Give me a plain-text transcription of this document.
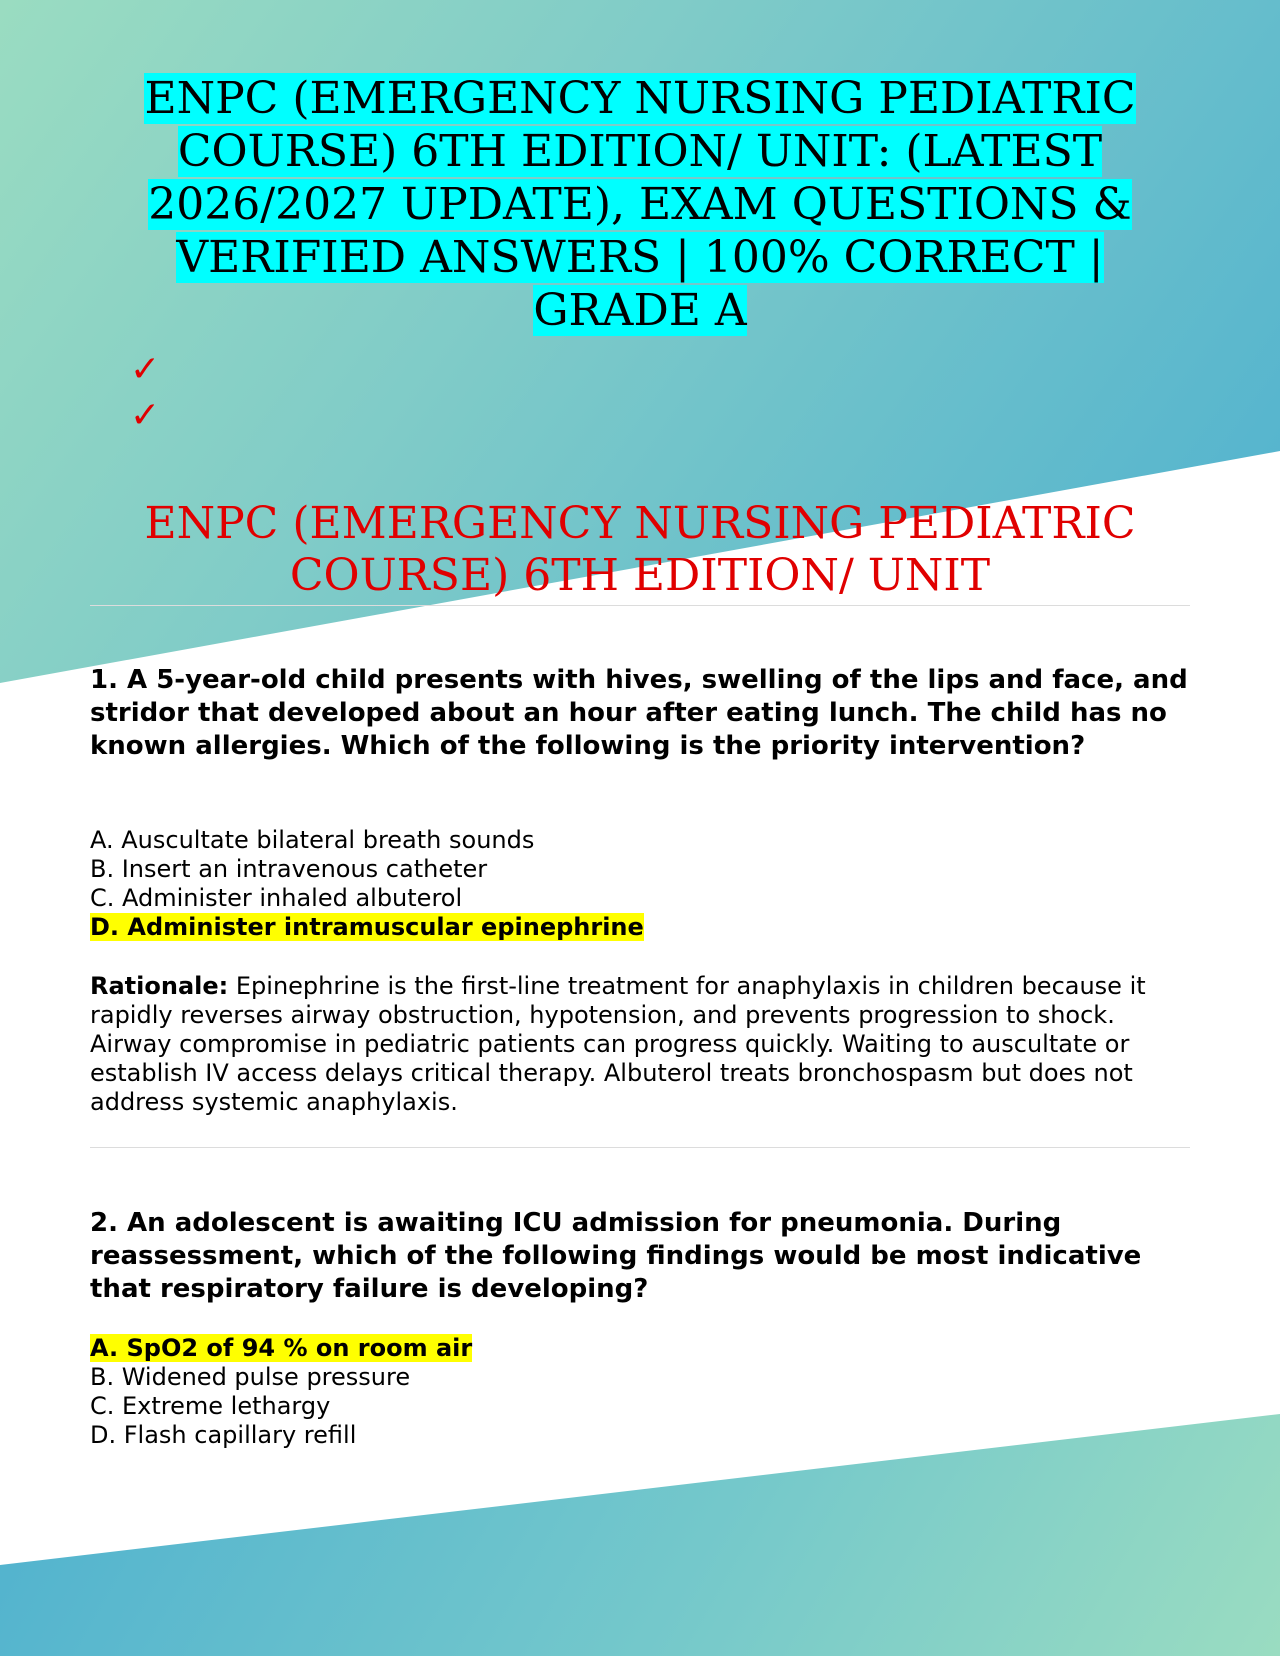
ENPC (EMERGENCY NURSING PEDIATRIC COURSE) 6TH EDITION/ UNIT: (LATEST 2026/2027 UPDATE), EXAM QUESTIONS & VERIFIED ANSWERS | 100% CORRECT | GRADE A
✓
✓
ENPC (EMERGENCY NURSING PEDIATRIC COURSE) 6TH EDITION/ UNIT
1. A 5-year-old child presents with hives, swelling of the lips and face, and stridor that developed about an hour after eating lunch. The child has no known allergies. Which of the following is the priority intervention?
A. Auscultate bilateral breath sounds
B. Insert an intravenous catheter
C. Administer inhaled albuterol
D. Administer intramuscular epinephrine
Rationale: Epinephrine is the first-line treatment for anaphylaxis in children because it rapidly reverses airway obstruction, hypotension, and prevents progression to shock. Airway compromise in pediatric patients can progress quickly. Waiting to auscultate or establish IV access delays critical therapy. Albuterol treats bronchospasm but does not address systemic anaphylaxis.
2. An adolescent is awaiting ICU admission for pneumonia. During reassessment, which of the following findings would be most indicative that respiratory failure is developing?
A. SpO2 of 94 % on room air
B. Widened pulse pressure
C. Extreme lethargy
D. Flash capillary refill
